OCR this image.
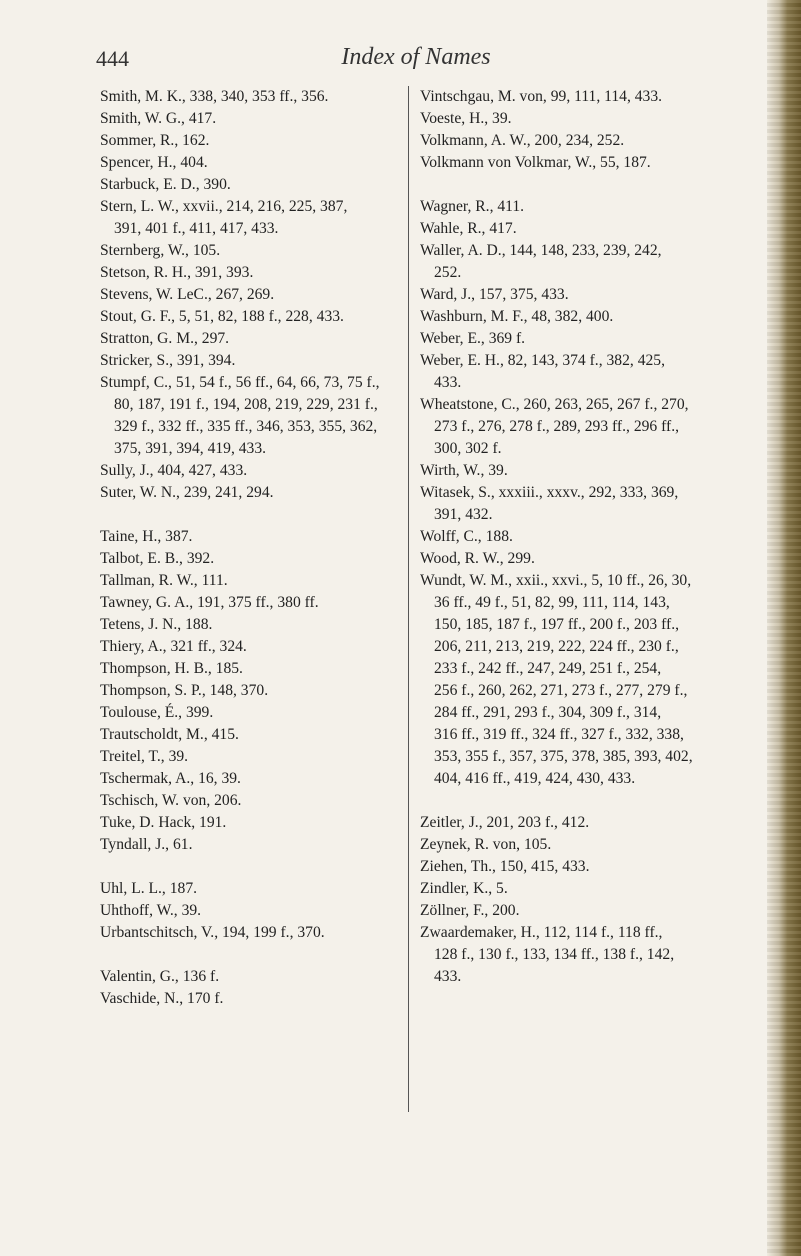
444	Index of Names
Smith, M. K., 338, 340, 353 ff., 356.
Smith, W. G., 417.
Sommer, R., 162.
Spencer, H., 404.
Starbuck, E. D., 390.
Stern, L. W., xxvii., 214, 216, 225, 387,
391, 401 f., 411, 417, 433.
Sternberg, W., 105.
Stetson, R. H., 391, 393.
Stevens, W. LeC., 267, 269.
Stout, G. F., 5, 51, 82, 188 f., 228, 433.
Stratton, G. M., 297.
Stricker, S., 391, 394.
Stumpf, C., 51, 54 f., 56 ff., 64, 66, 73, 75 f.,
80, 187, 191 f., 194, 208, 219, 229, 231 f.,
329 f., 332 ff., 335 ff., 346, 353, 355, 362,
375, 391, 394, 419, 433.
Sully, J., 404, 427, 433.
Suter, W. N., 239, 241, 294.
Taine, H., 387.
Talbot, E. B., 392.
Tallman, R. W., 111.
Tawney, G. A., 191, 375 ff., 380 ff.
Tetens, J. N., 188.
Thiery, A., 321 ff., 324.
Thompson, H. B., 185.
Thompson, S. P., 148, 370.
Toulouse, É., 399.
Trautscholdt, M., 415.
Treitel, T., 39.
Tschermak, A., 16, 39.
Tschisch, W. von, 206.
Tuke, D. Hack, 191.
Tyndall, J., 61.
Uhl, L. L., 187.
Uhthoff, W., 39.
Urbantschitsch, V., 194, 199 f., 370.
Valentin, G., 136 f.
Vaschide, N., 170 f.
Vintschgau, M. von, 99, 111, 114, 433.
Voeste, H., 39.
Volkmann, A. W., 200, 234, 252.
Volkmann von Volkmar, W., 55, 187.
Wagner, R., 411.
Wahle, R., 417.
Waller, A. D., 144, 148, 233, 239, 242,
252.
Ward, J., 157, 375, 433.
Washburn, M. F., 48, 382, 400.
Weber, E., 369 f.
Weber, E. H., 82, 143, 374 f., 382, 425,
433.
Wheatstone, C., 260, 263, 265, 267 f., 270,
273 f., 276, 278 f., 289, 293 ff., 296 ff.,
300, 302 f.
Wirth, W., 39.
Witasek, S., xxxiii., xxxv., 292, 333, 369,
391, 432.
Wolff, C., 188.
Wood, R. W., 299.
Wundt, W. M., xxii., xxvi., 5, 10 ff., 26, 30,
36 ff., 49 f., 51, 82, 99, 111, 114, 143,
150, 185, 187 f., 197 ff., 200 f., 203 ff.,
206, 211, 213, 219, 222, 224 ff., 230 f.,
233 f., 242 ff., 247, 249, 251 f., 254,
256 f., 260, 262, 271, 273 f., 277, 279 f.,
284 ff., 291, 293 f., 304, 309 f., 314,
316 ff., 319 ff., 324 ff., 327 f., 332, 338,
353, 355 f., 357, 375, 378, 385, 393, 402,
404, 416 ff., 419, 424, 430, 433.
Zeitler, J., 201, 203 f., 412.
Zeynek, R. von, 105.
Ziehen, Th., 150, 415, 433.
Zindler, K., 5.
Zöllner, F., 200.
Zwaardemaker, H., 112, 114 f., 118 ff.,
128 f., 130 f., 133, 134 ff., 138 f., 142,
433.
